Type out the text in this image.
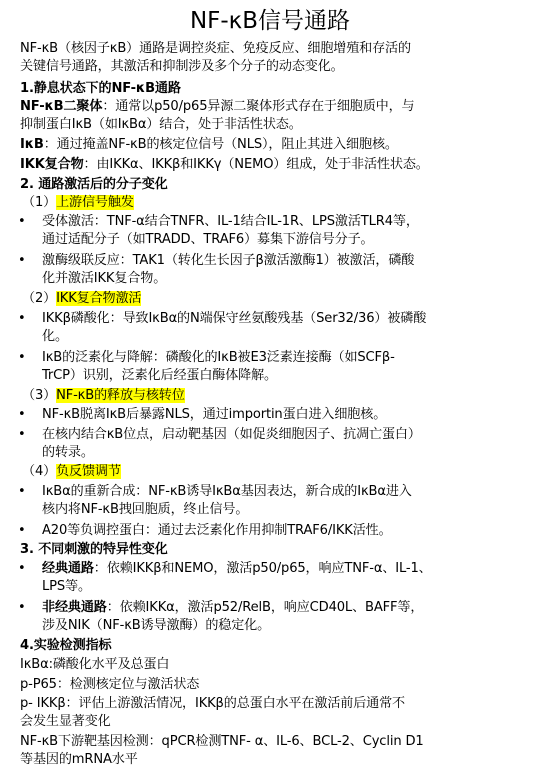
NF-κB信号通路
NF-κB（核因子κB）通路是调控炎症、免疫反应、细胞增殖和存活的
关键信号通路，其激活和抑制涉及多个分子的动态变化。
1.静息状态下的NF-κB通路
NF-κB二聚体：通常以p50/p65异源二聚体形式存在于细胞质中，与
抑制蛋白IκB（如IκBα）结合，处于非活性状态。
IκB：通过掩盖NF-κB的核定位信号（NLS），阻止其进入细胞核。
IKK复合物：由IKKα、IKKβ和IKKγ（NEMO）组成，处于非活性状态。
2. 通路激活后的分子变化
（1）上游信号触发
• 受体激活：TNF-α结合TNFR、IL-1结合IL-1R、LPS激活TLR4等，
通过适配分子（如TRADD、TRAF6）募集下游信号分子。
• 激酶级联反应：TAK1（转化生长因子β激活激酶1）被激活，磷酸
化并激活IKK复合物。
（2）IKK复合物激活
• IKKβ磷酸化：导致IκBα的N端保守丝氨酸残基（Ser32/36）被磷酸
化。
• IκB的泛素化与降解：磷酸化的IκB被E3泛素连接酶（如SCFβ-
TrCP）识别，泛素化后经蛋白酶体降解。
（3）NF-κB的释放与核转位
• NF-κB脱离IκB后暴露NLS，通过importin蛋白进入细胞核。
• 在核内结合κB位点，启动靶基因（如促炎细胞因子、抗凋亡蛋白）
的转录。
（4）负反馈调节
• IκBα的重新合成：NF-κB诱导IκBα基因表达，新合成的IκBα进入
核内将NF-κB拽回胞质，终止信号。
• A20等负调控蛋白：通过去泛素化作用抑制TRAF6/IKK活性。
3. 不同刺激的特异性变化
• 经典通路：依赖IKKβ和NEMO，激活p50/p65，响应TNF-α、IL-1、
LPS等。
• 非经典通路：依赖IKKα，激活p52/RelB，响应CD40L、BAFF等，
涉及NIK（NF-κB诱导激酶）的稳定化。
4.实验检测指标
IκBα:磷酸化水平及总蛋白
p-P65：检测核定位与激活状态
p- IKKβ：评估上游激活情况，IKKβ的总蛋白水平在激活前后通常不
会发生显著变化
NF-κB下游靶基因检测：qPCR检测TNF- α、IL-6、BCL-2、Cyclin D1
等基因的mRNA水平
